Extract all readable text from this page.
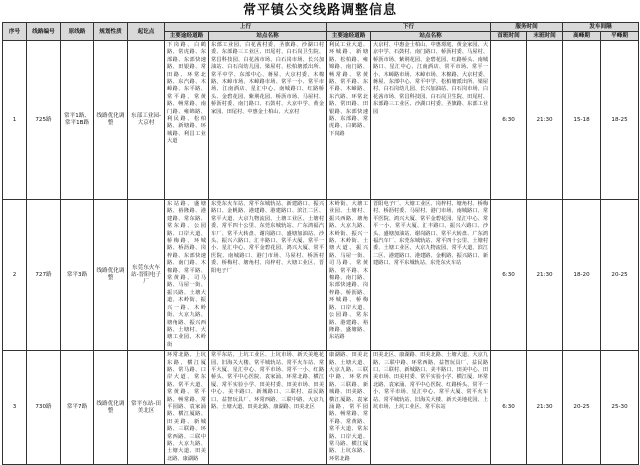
常平镇公交线路调整信息
序号	线路编号	原线路	规划性质	起讫点	上行		下行		服务时间		发车间隔	
					主要途经道路	站点名称	主要途经道路	站点名称	首班时间	末班时间	高峰期	平峰期
1	725路	常平1路、常平1B路	线路优化调整	东部工业园-大京村	下岗路、白鹤路、常虎路、东部路、东部快速路、田银路、常田路、环常北路、东汽路、木嶂路、东平路、常平路、常黄路、畅常路、南门路、雍锦路、利民路、松柏路、新塘路、环城路、利昌工业大道	东部工业园、白花茜村委、圣旗路、沙湖口村委、东部路三工业区、田尾村、白石岗卫生院、常昌科技园、白花茜市场、白石岗市场、长兴加油站、白石岗幼儿园、梁屋村、松柏塘派出所、常平中学、东部中心、蒋屋、大京村委、木棉路、木嶂市场、木嶂路市场、常平一小、常平市场、江南酒店、星汇中心、南城路口、红路桥头、金碧花园、紫荆花园、桥沥市场、马屋村、桥沥村委、南门路口、石鼓村、大京中学、黄金家园、田尾村、中惠金士柏山、大京村	利民工业大道、环城路、新塘路、松柏路、雍锦路、南门路、畅常路、常黄路、常平路、东平路、木嶂路、东汽路、环常北路、常田路、田银路、东部快速路、东部路、常虎路、白鹤路、下岗路	大京村、中惠金士柏山、中惠璟庭、黄金家园、大京中学、石鼓村、南门路口、桥沥村委、马屋村、桥沥市场、紫荆花园、金碧花园、红路桥头、南城路口、星汇中心、江南酒店、常平市场、常平一小、木嶂路市场、木嶂市场、木棉路、大京村委、蒋屋、东部中心、常平中学、松柏塘派出所、梁屋村、白石岗幼儿园、长兴加油站、白石岗市场、白花茜市场、常昌科技园、白石岗卫生院、田尾村、东部路三工业区、沙湖口村委、圣旗路、东部工业园	6:30	21:30	15-18	18-25
2	727路	常平3路	线路优化调整	东莞东火车站-晋阳电子厂	东站路、盛塘路、裕隆路、港建路、常东路、常东路、公园路、口岸大道、桥梅路、环城路、桥沥路、岗梓路、东部快速路、南门路、木棉路、常平路、常黄路、司马路、马屋一街、振兴路、土塘大道、木岭街、振兴一路、木岭街、大京九路、塘角路、振兴西路、土塘村、大塘工业园、木岭街	东莞东火车站、常平东城轨站、新建路口、振兴路口、金帆路、港建路、港建路口、滨江二区、常平大道、大京九物流园、土塘工业区、土塘村委、常平四十公里、东莞东城轨站、广东鸿福汽车厂、常平大转盘、谢岗路口、盛塘加油站、沙头、振兴六路口、汇丰路口、常平大厦、常平一小、星汇中心、常平金碧花园、鸿兴大厦、常平医院、南城路口、港门市场、马屋村、桥沥村委、桥梅村、塘角村、岗梓村、大塘工业区、晋阳电子厂	木岭街、大塘工业园、土塘村、振兴西路、塘角路、大京九路、木岭街、振兴一路、木岭街、土塘大道、振兴路、马屋一街、司马路、常黄路、常平路、木棉路、南门路、东部快速路、岗梓路、桥沥路、环城路、桥梅路、口岸大道、公园路、常东路、港建路、裕隆路、盛塘路、东站路	晋阳电子厂、大塘工业区、岗梓村、塘角村、桥梅村、桥沥村委、马屋村、港门市场、南城路口、常平医院、鸿兴大厦、常平金碧花园、星汇中心、常平一小、常平大厦、汇丰路口、振兴六路口、沙头、盛塘加油站、谢岗路口、常平大转盘、广东鸿福汽车厂、东莞东城轨站、常平四十公里、土塘村委、土塘工业区、大京九物流园、常平大道、滨江二区、港建路口、港建路、金帆路、振兴路口、新建路口、常平东城轨站、东莞东火车站	6:30	21:30	18-20	20-25
3	730路	常平7路	线路优化调整	常平东站-田美北区	环常北路、上坑东路、横江厦路、常马路、口岸大道、常东路、常平大道、常黄路、常平路、畅常路、常平园路、袁家涌路、横江厦路、田美路、新城路、三联路、环常西路、三联中路、大京九路、土塘大道、田美北路、康湖路	常平东站、上坑工业区、上坑市场、新天美地花园、旧海关大楼、常平城轨站、常平火车站、常平大厦、星汇中心、常平市场、常平一小、红路桥头、常平中心医院、袁家涌、环常北路、横江厦、常平实验小学、田美村委、田美市场、田美中心、美丰路口、新城路口、三联村、益民路口、益智玩具厂、环常西路、三联中路、大京九路、土塘大道、田美北路、康湖路、田美北区	康湖路、田美北路、土塘大道、大京九路、三联中路、环常西路、三联路、新城路、田美路、横江厦路、袁家涌路、常平园路、畅常路、常平路、常黄路、常平大道、常东路、口岸大道、常马路、横江厦路、上坑东路、环常北路	田美北区、康湖路、田美北路、土塘大道、大京九路、三联中路、环常西路、益智玩具厂、益民路口、三联村、新城路口、美丰路口、田美中心、田美市场、田美村委、常平实验小学、横江厦、环常北路、袁家涌、常平中心医院、红路桥头、常平一小、常平市场、星汇中心、常平大厦、常平火车站、常平城轨站、旧海关大楼、新天美地花园、上坑市场、上坑工业区、常平东站	6:30	21:30	20-25	25-30
